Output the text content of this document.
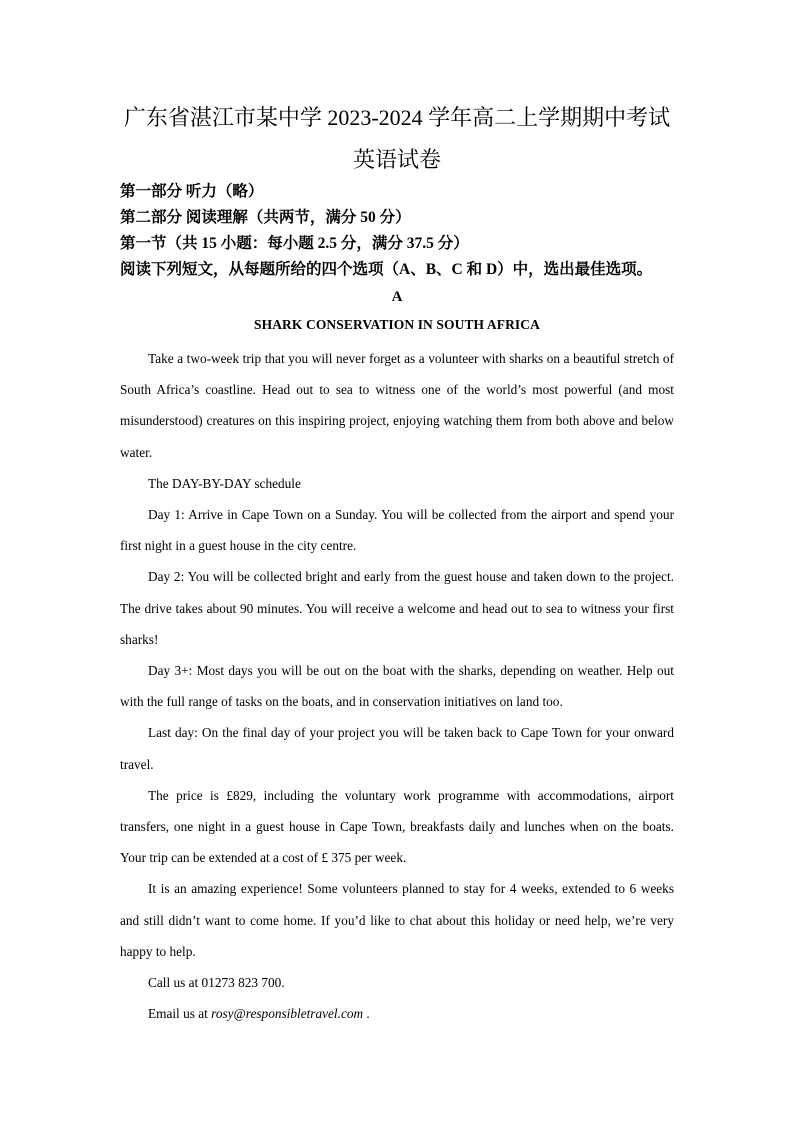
广东省湛江市某中学 2023-2024 学年高二上学期期中考试
英语试卷
第一部分 听力（略）
第二部分 阅读理解（共两节，满分 50 分）
第一节（共 15 小题：每小题 2.5 分，满分 37.5 分）
阅读下列短文，从每题所给的四个选项（A、B、C 和 D）中，选出最佳选项。
A
SHARK CONSERVATION IN SOUTH AFRICA

Take a two-week trip that you will never forget as a volunteer with sharks on a beautiful stretch of South Africa’s coastline. Head out to sea to witness one of the world’s most powerful (and most misunderstood) creatures on this inspiring project, enjoying watching them from both above and below water.

The DAY-BY-DAY schedule

Day 1: Arrive in Cape Town on a Sunday. You will be collected from the airport and spend your first night in a guest house in the city centre.

Day 2: You will be collected bright and early from the guest house and taken down to the project. The drive takes about 90 minutes. You will receive a welcome and head out to sea to witness your first sharks!

Day 3+: Most days you will be out on the boat with the sharks, depending on weather. Help out with the full range of tasks on the boats, and in conservation initiatives on land too.

Last day: On the final day of your project you will be taken back to Cape Town for your onward travel.

The price is £829, including the voluntary work programme with accommodations, airport transfers, one night in a guest house in Cape Town, breakfasts daily and lunches when on the boats. Your trip can be extended at a cost of £ 375 per week.

It is an amazing experience! Some volunteers planned to stay for 4 weeks, extended to 6 weeks and still didn’t want to come home. If you’d like to chat about this holiday or need help, we’re very happy to help.

Call us at 01273 823 700.

Email us at rosy@responsibletravel.com .
